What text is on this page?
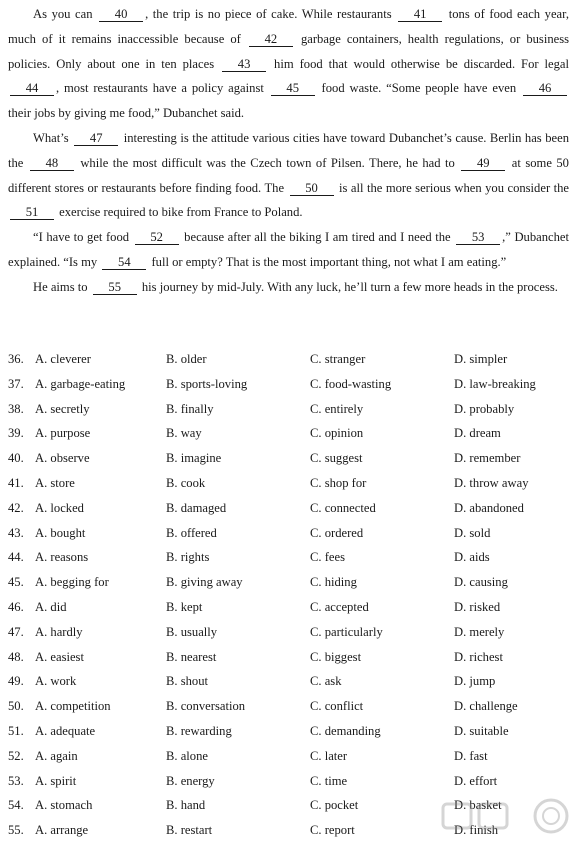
As you can 40 , the trip is no piece of cake. While restaurants 41 tons of food each year, much of it remains inaccessible because of 42 garbage containers, health regulations, or business policies. Only about one in ten places 43 him food that would otherwise be discarded. For legal 44 , most restaurants have a policy against 45 food waste. “Some people have even 46 their jobs by giving me food,” Dubanchet said.

What’s 47 interesting is the attitude various cities have toward Dubanchet’s cause. Berlin has been the 48 while the most difficult was the Czech town of Pilsen. There, he had to 49 at some 50 different stores or restaurants before finding food. The 50 is all the more serious when you consider the 51 exercise required to bike from France to Poland.

“I have to get food 52 because after all the biking I am tired and I need the 53 ,” Dubanchet explained. “Is my 54 full or empty? That is the most important thing, not what I am eating.”

He aims to 55 his journey by mid-July. With any luck, he’ll turn a few more heads in the process.

36. A. cleverer	B. older	C. stranger	D. simpler
37. A. garbage-eating	B. sports-loving	C. food-wasting	D. law-breaking
38. A. secretly	B. finally	C. entirely	D. probably
39. A. purpose	B. way	C. opinion	D. dream
40. A. observe	B. imagine	C. suggest	D. remember
41. A. store	B. cook	C. shop for	D. throw away
42. A. locked	B. damaged	C. connected	D. abandoned
43. A. bought	B. offered	C. ordered	D. sold
44. A. reasons	B. rights	C. fees	D. aids
45. A. begging for	B. giving away	C. hiding	D. causing
46. A. did	B. kept	C. accepted	D. risked
47. A. hardly	B. usually	C. particularly	D. merely
48. A. easiest	B. nearest	C. biggest	D. richest
49. A. work	B. shout	C. ask	D. jump
50. A. competition	B. conversation	C. conflict	D. challenge
51. A. adequate	B. rewarding	C. demanding	D. suitable
52. A. again	B. alone	C. later	D. fast
53. A. spirit	B. energy	C. time	D. effort
54. A. stomach	B. hand	C. pocket	D. basket
55. A. arrange	B. restart	C. report	D. finish
